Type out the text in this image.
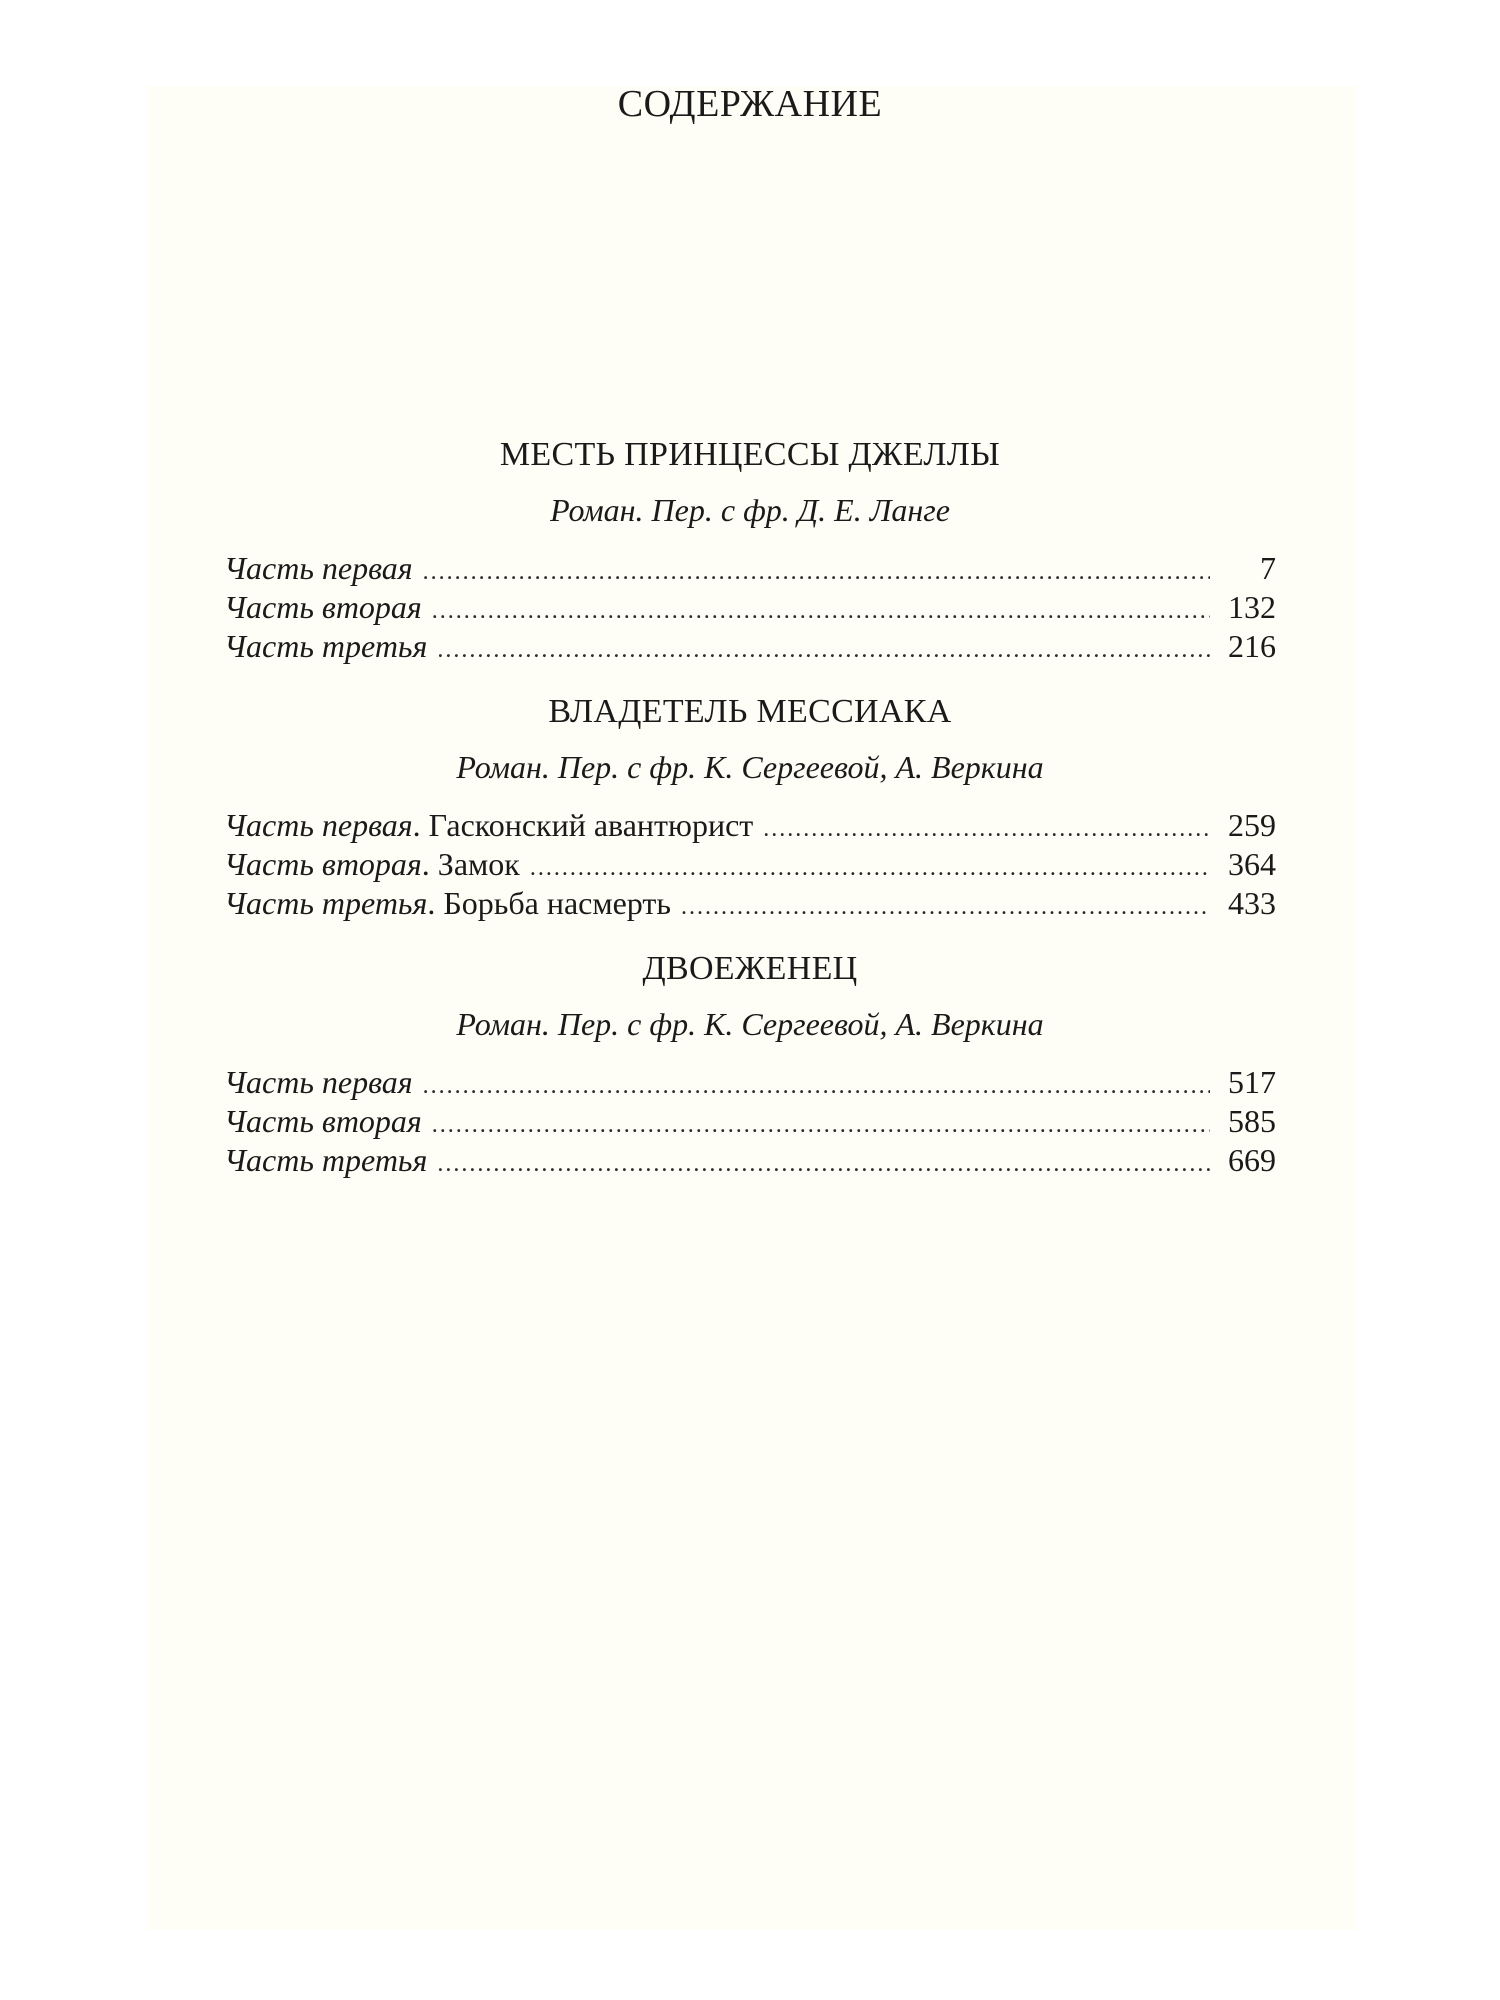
СОДЕРЖАНИЕ
МЕСТЬ ПРИНЦЕССЫ ДЖЕЛЛЫ

Роман. Пер. с фр. Д. Е. Ланге

Часть первая .....	7
Часть вторая .....	132
Часть третья .....	216
ВЛАДЕТЕЛЬ МЕССИАКА

Роман. Пер. с фр. К. Сергеевой, А. Веркина

Часть первая. Гасконский авантюрист .....	259
Часть вторая. Замок .....	364
Часть третья. Борьба насмерть .....	433
ДВОЕЖЕНЕЦ

Роман. Пер. с фр. К. Сергеевой, А. Веркина

Часть первая .....	517
Часть вторая .....	585
Часть третья .....	669
